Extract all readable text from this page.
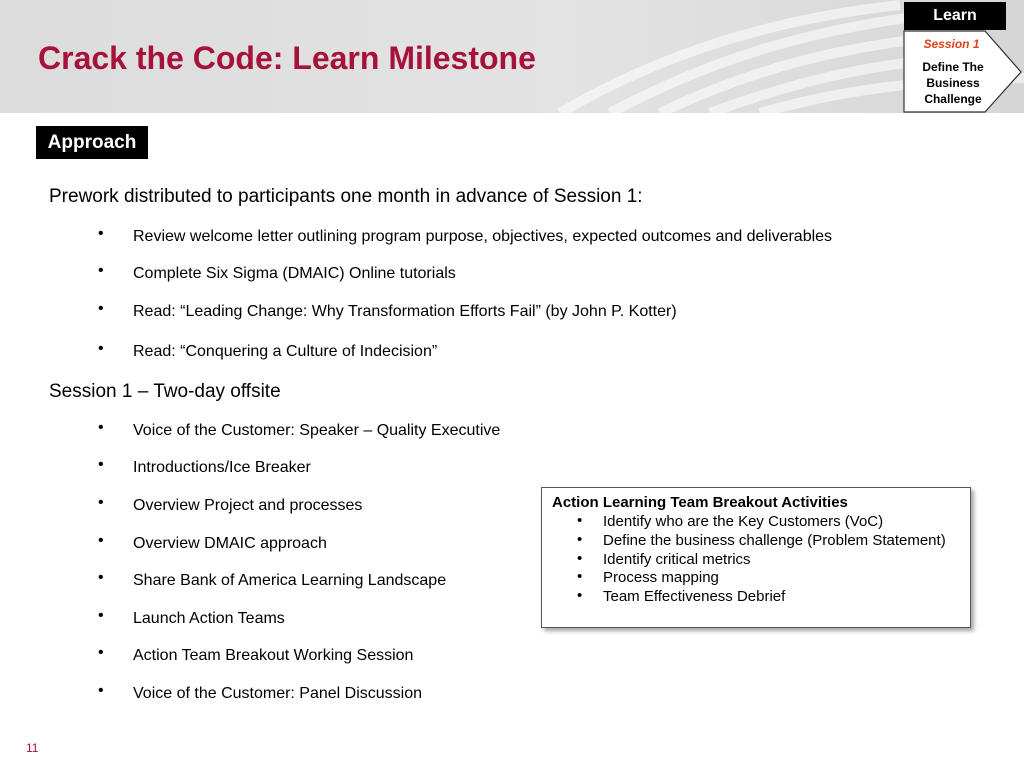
Crack the Code: Learn Milestone
Learn
Session 1
Define The
Business
Challenge
Approach
Prework distributed to participants one month in advance of Session 1:
• Review welcome letter outlining program purpose, objectives, expected outcomes and deliverables
• Complete Six Sigma (DMAIC) Online tutorials
• Read: “Leading Change: Why Transformation Efforts Fail” (by John P. Kotter)
• Read: “Conquering a Culture of Indecision”
Session 1 – Two-day offsite
• Voice of the Customer: Speaker – Quality Executive
• Introductions/Ice Breaker
• Overview Project and processes
• Overview DMAIC approach
• Share Bank of America Learning Landscape
• Launch Action Teams
• Action Team Breakout Working Session
• Voice of the Customer: Panel Discussion
Action Learning Team Breakout Activities
• Identify who are the Key Customers (VoC)
• Define the business challenge (Problem Statement)
• Identify critical metrics
• Process mapping
• Team Effectiveness Debrief
11
